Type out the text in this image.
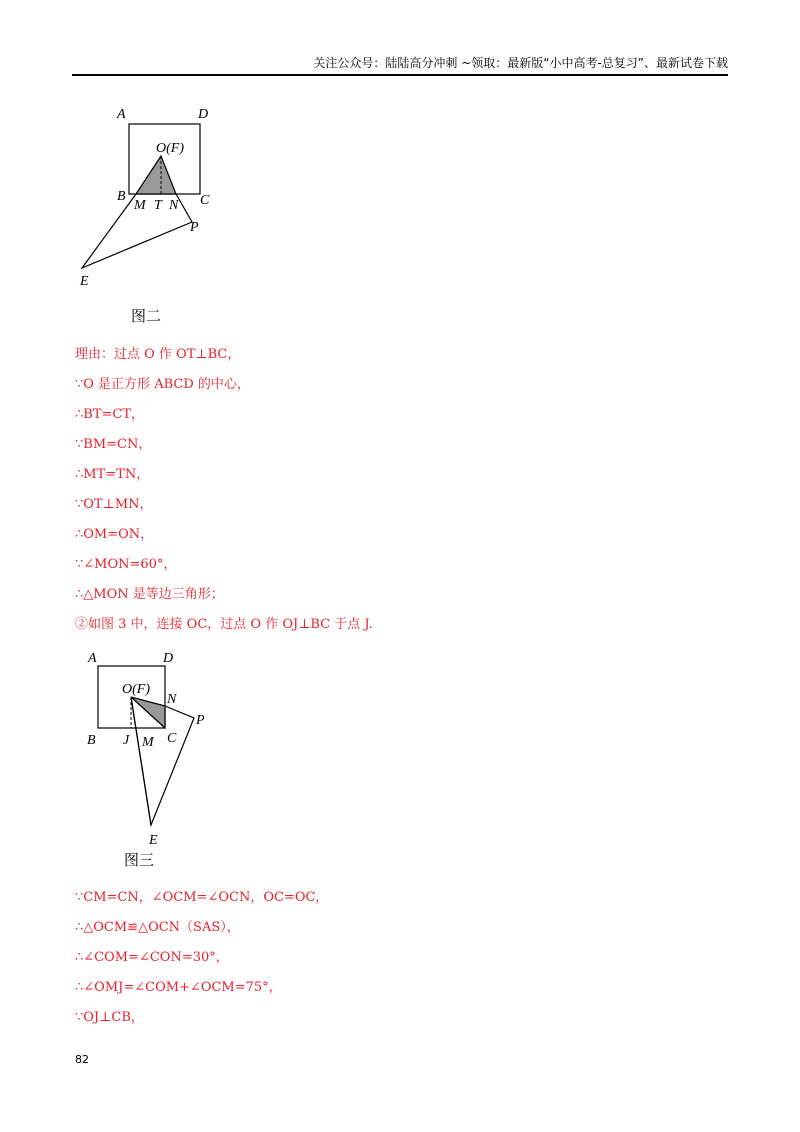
关注公众号：陆陆高分冲刺 ~领取：最新版“小中高考-总复习”、最新试卷下载
A	D
O(F)
B	C
M T N
P
E
图二
理由：过点 O 作 OT⊥BC，
∵O 是正方形 ABCD 的中心，
∴BT=CT，
∵BM=CN，
∴MT=TN，
∵OT⊥MN，
∴OM=ON，
∵∠MON=60°，
∴△MON 是等边三角形；
②如图 3 中，连接 OC，过点 O 作 OJ⊥BC 于点 J.
A	D
O(F)
N
P
B J M C
E
图三
∵CM=CN，∠OCM=∠OCN，OC=OC，
∴△OCM≌△OCN（SAS），
∴∠COM=∠CON=30°，
∴∠OMJ=∠COM+∠OCM=75°，
∵OJ⊥CB，
82
